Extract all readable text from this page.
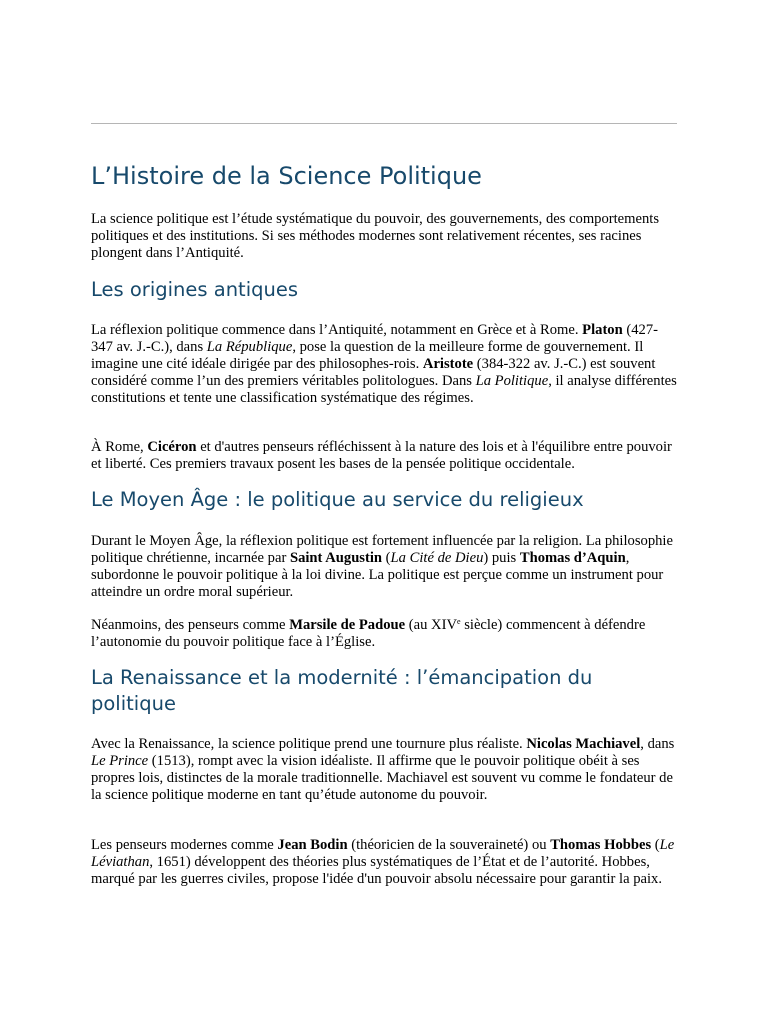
L’Histoire de la Science Politique

La science politique est l’étude systématique du pouvoir, des gouvernements, des comportements politiques et des institutions. Si ses méthodes modernes sont relativement récentes, ses racines plongent dans l’Antiquité.

Les origines antiques

La réflexion politique commence dans l’Antiquité, notamment en Grèce et à Rome. Platon (427-347 av. J.-C.), dans La République, pose la question de la meilleure forme de gouvernement. Il imagine une cité idéale dirigée par des philosophes-rois. Aristote (384-322 av. J.-C.) est souvent considéré comme l’un des premiers véritables politologues. Dans La Politique, il analyse différentes constitutions et tente une classification systématique des régimes.

À Rome, Cicéron et d'autres penseurs réfléchissent à la nature des lois et à l'équilibre entre pouvoir et liberté. Ces premiers travaux posent les bases de la pensée politique occidentale.

Le Moyen Âge : le politique au service du religieux

Durant le Moyen Âge, la réflexion politique est fortement influencée par la religion. La philosophie politique chrétienne, incarnée par Saint Augustin (La Cité de Dieu) puis Thomas d’Aquin, subordonne le pouvoir politique à la loi divine. La politique est perçue comme un instrument pour atteindre un ordre moral supérieur.

Néanmoins, des penseurs comme Marsile de Padoue (au XIVe siècle) commencent à défendre l’autonomie du pouvoir politique face à l’Église.

La Renaissance et la modernité : l’émancipation du politique

Avec la Renaissance, la science politique prend une tournure plus réaliste. Nicolas Machiavel, dans Le Prince (1513), rompt avec la vision idéaliste. Il affirme que le pouvoir politique obéit à ses propres lois, distinctes de la morale traditionnelle. Machiavel est souvent vu comme le fondateur de la science politique moderne en tant qu’étude autonome du pouvoir.

Les penseurs modernes comme Jean Bodin (théoricien de la souveraineté) ou Thomas Hobbes (Le Léviathan, 1651) développent des théories plus systématiques de l’État et de l’autorité. Hobbes, marqué par les guerres civiles, propose l'idée d'un pouvoir absolu nécessaire pour garantir la paix.
